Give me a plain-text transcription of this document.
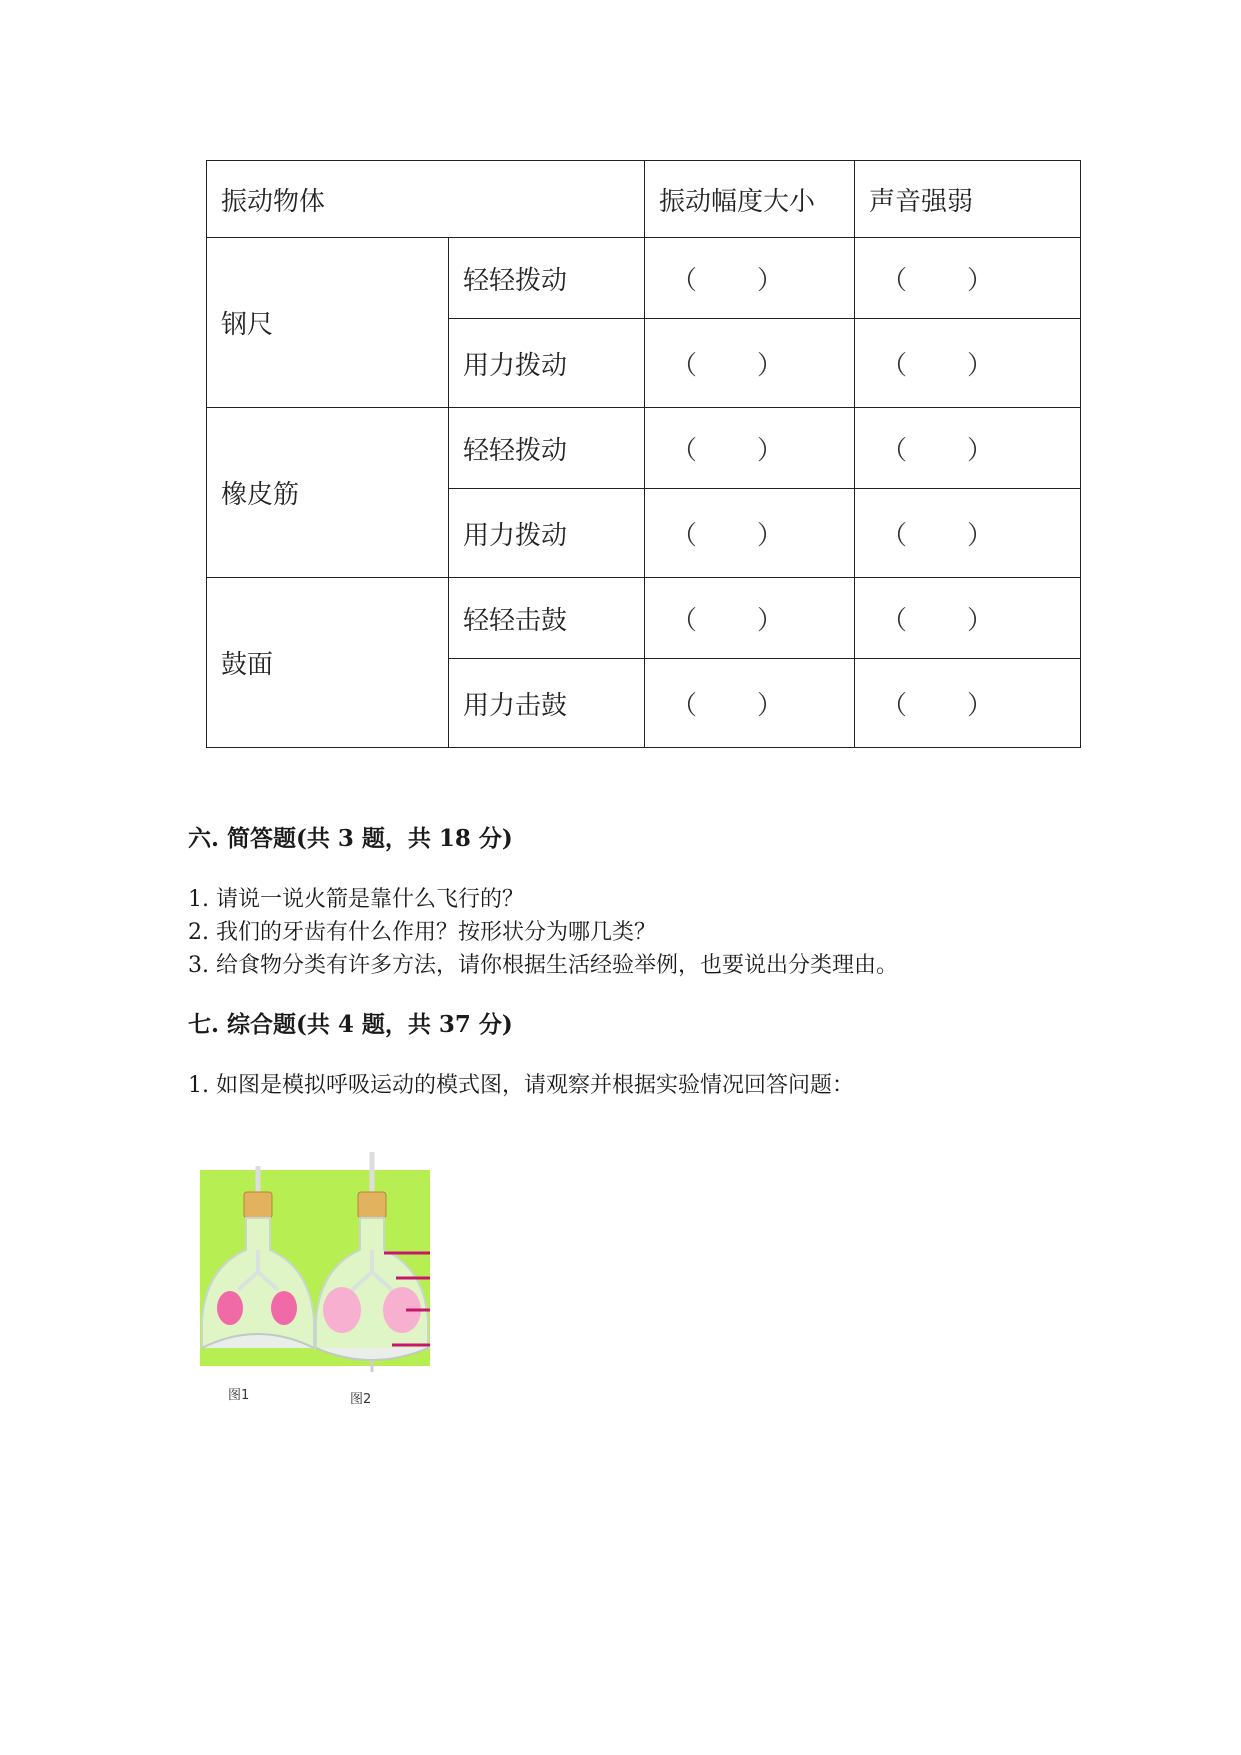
振动物体		振动幅度大小	声音强弱
钢尺	轻轻拨动	（ ）	（ ）

	用力拨动	（ ）	（ ）

橡皮筋	轻轻拨动	（ ）	（ ）

	用力拨动	（ ）	（ ）

鼓面	轻轻击鼓	（ ）	（ ）

	用力击鼓	（ ）	（ ）
六. 简答题(共 3 题，共 18 分)
1. 请说一说火箭是靠什么飞行的？
2. 我们的牙齿有什么作用？按形状分为哪几类？
3. 给食物分类有许多方法，请你根据生活经验举例，也要说出分类理由。
七. 综合题(共 4 题，共 37 分)
1. 如图是模拟呼吸运动的模式图，请观察并根据实验情况回答问题：
图1	图2
